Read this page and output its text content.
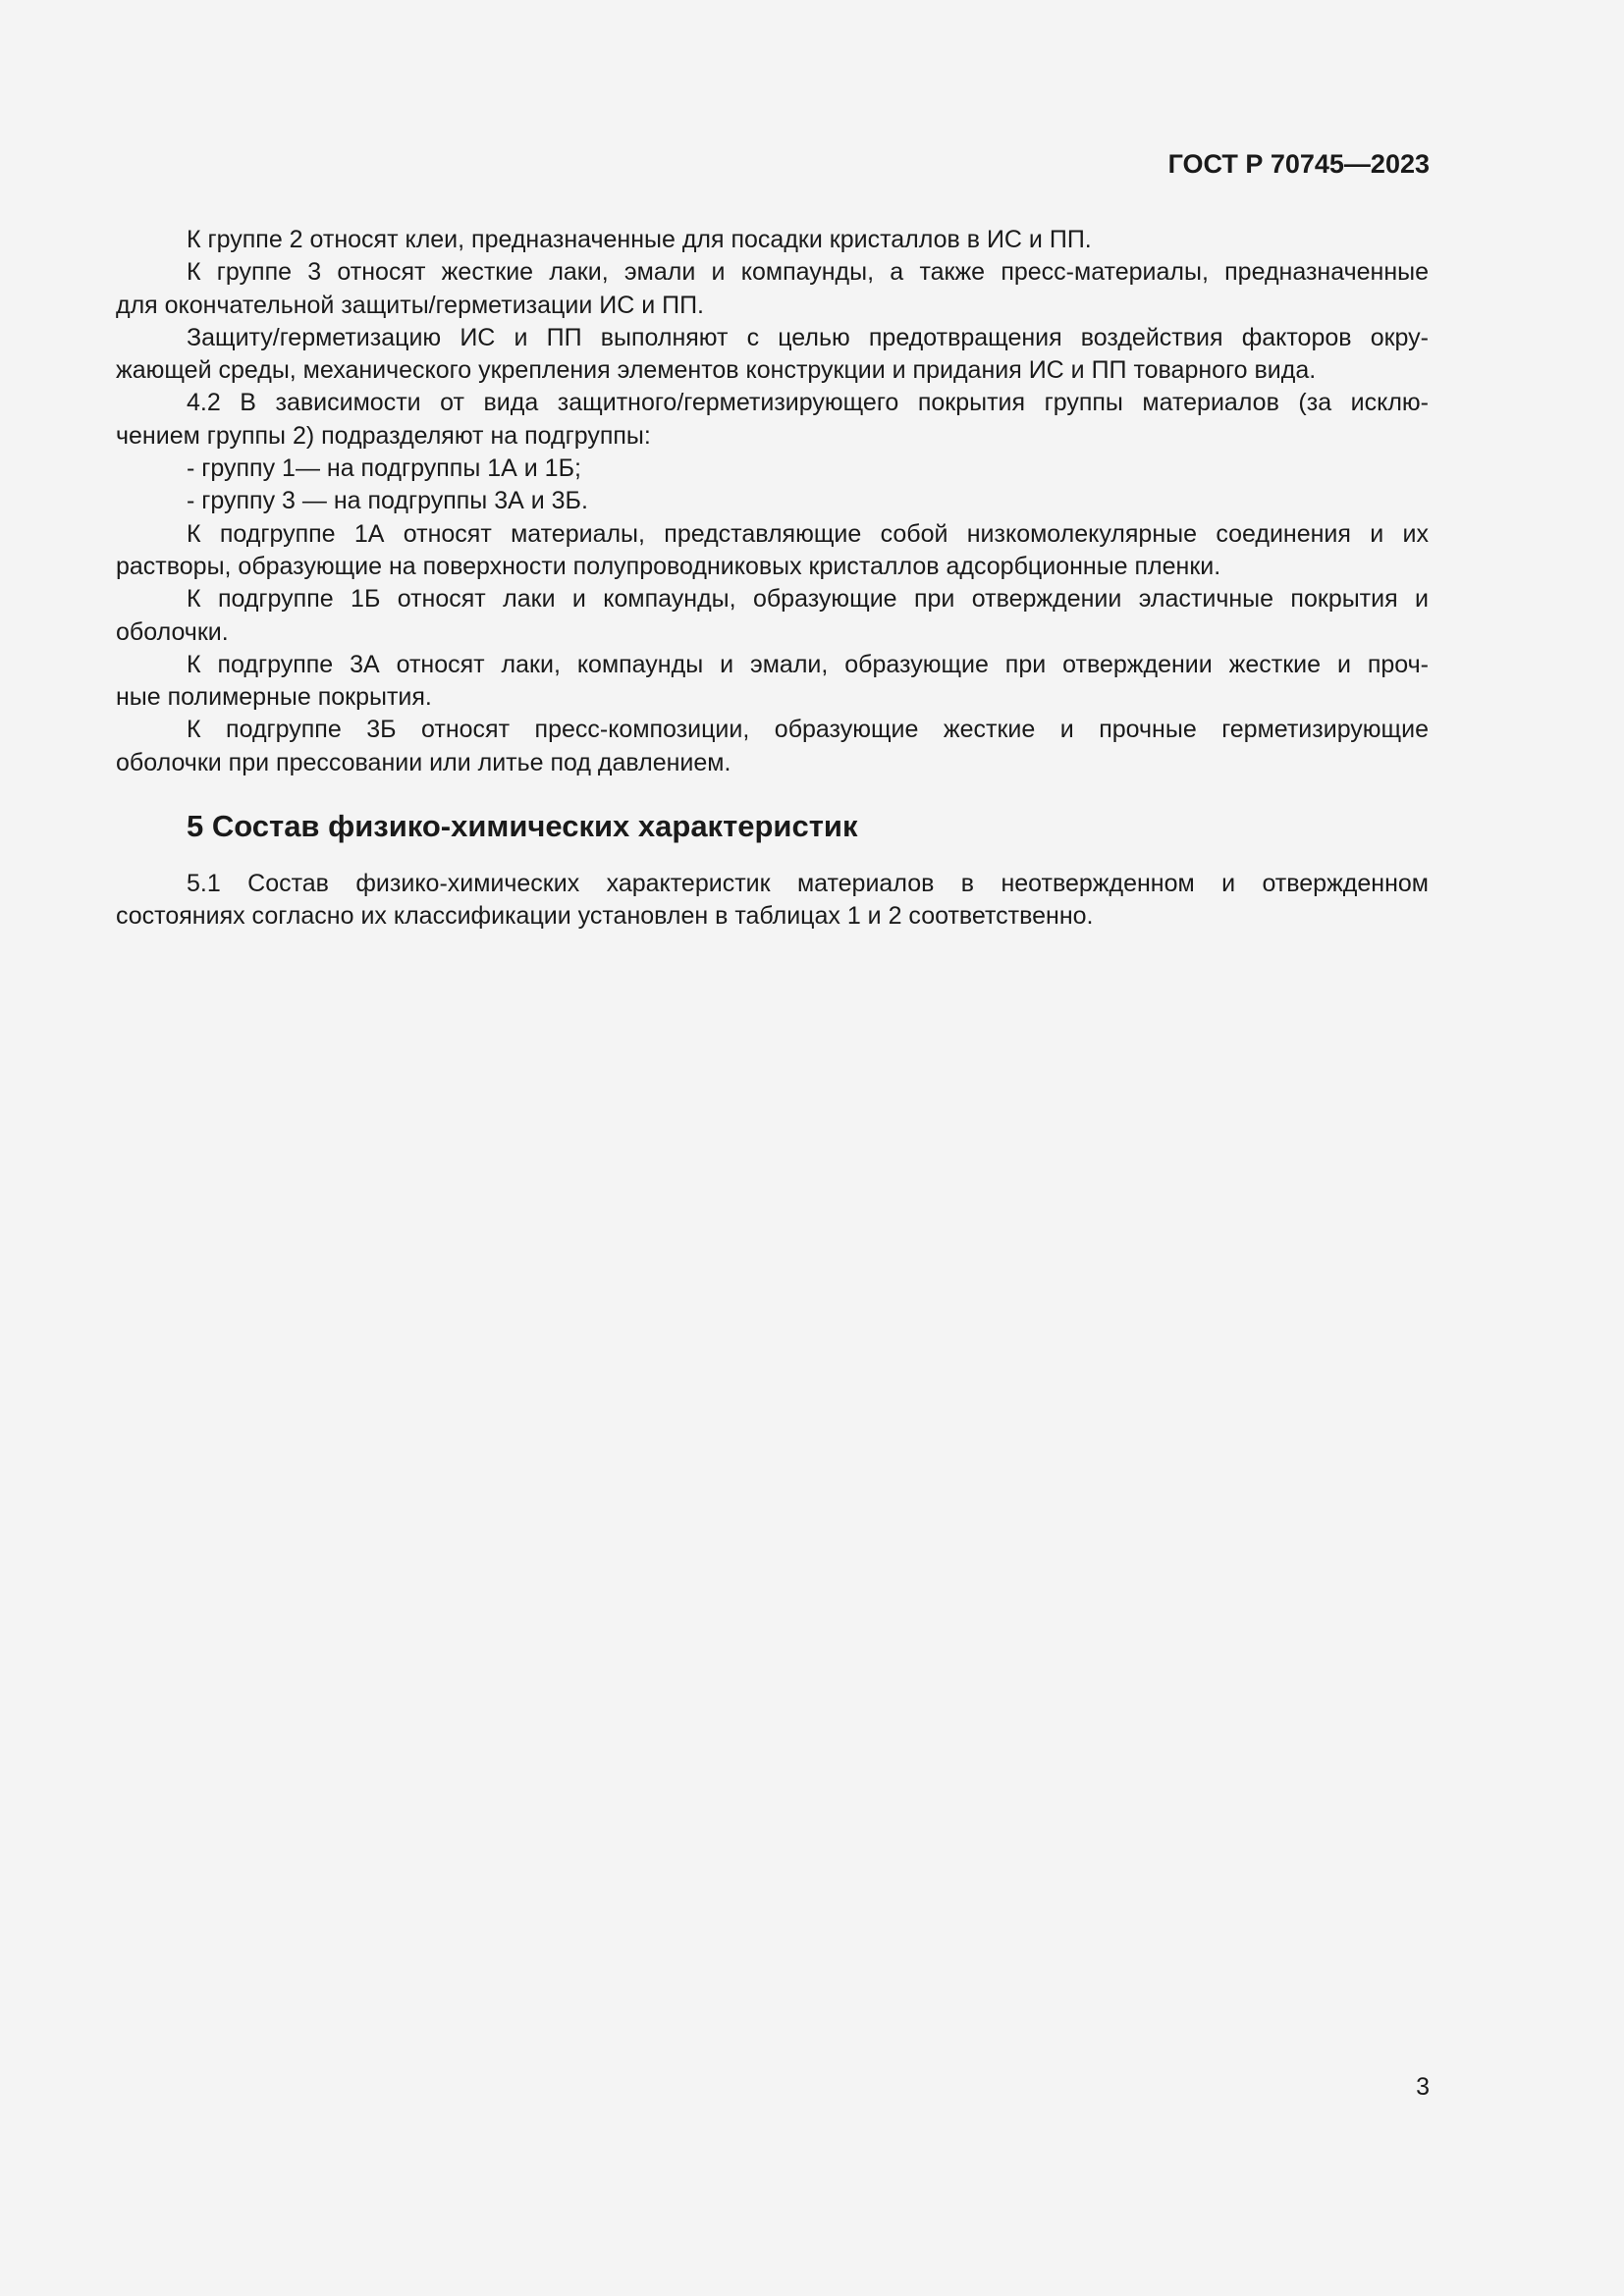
ГОСТ Р 70745—2023
К группе 2 относят клеи, предназначенные для посадки кристаллов в ИС и ПП.
К группе 3 относят жесткие лаки, эмали и компаунды, а также пресс-материалы, предназначенные
для окончательной защиты/герметизации ИС и ПП.
Защиту/герметизацию ИС и ПП выполняют с целью предотвращения воздействия факторов окру-
жающей среды, механического укрепления элементов конструкции и придания ИС и ПП товарного вида.
4.2 В зависимости от вида защитного/герметизирующего покрытия группы материалов (за исклю-
чением группы 2) подразделяют на подгруппы:
- группу 1— на подгруппы 1А и 1Б;
- группу 3 — на подгруппы 3А и 3Б.
К подгруппе 1А относят материалы, представляющие собой низкомолекулярные соединения и их
растворы, образующие на поверхности полупроводниковых кристаллов адсорбционные пленки.
К подгруппе 1Б относят лаки и компаунды, образующие при отверждении эластичные покрытия и
оболочки.
К подгруппе 3А относят лаки, компаунды и эмали, образующие при отверждении жесткие и проч-
ные полимерные покрытия.
К подгруппе 3Б относят пресс-композиции, образующие жесткие и прочные герметизирующие
оболочки при прессовании или литье под давлением.
5 Состав физико-химических характеристик
5.1 Состав физико-химических характеристик материалов в неотвержденном и отвержденном
состояниях согласно их классификации установлен в таблицах 1 и 2 соответственно.
3
